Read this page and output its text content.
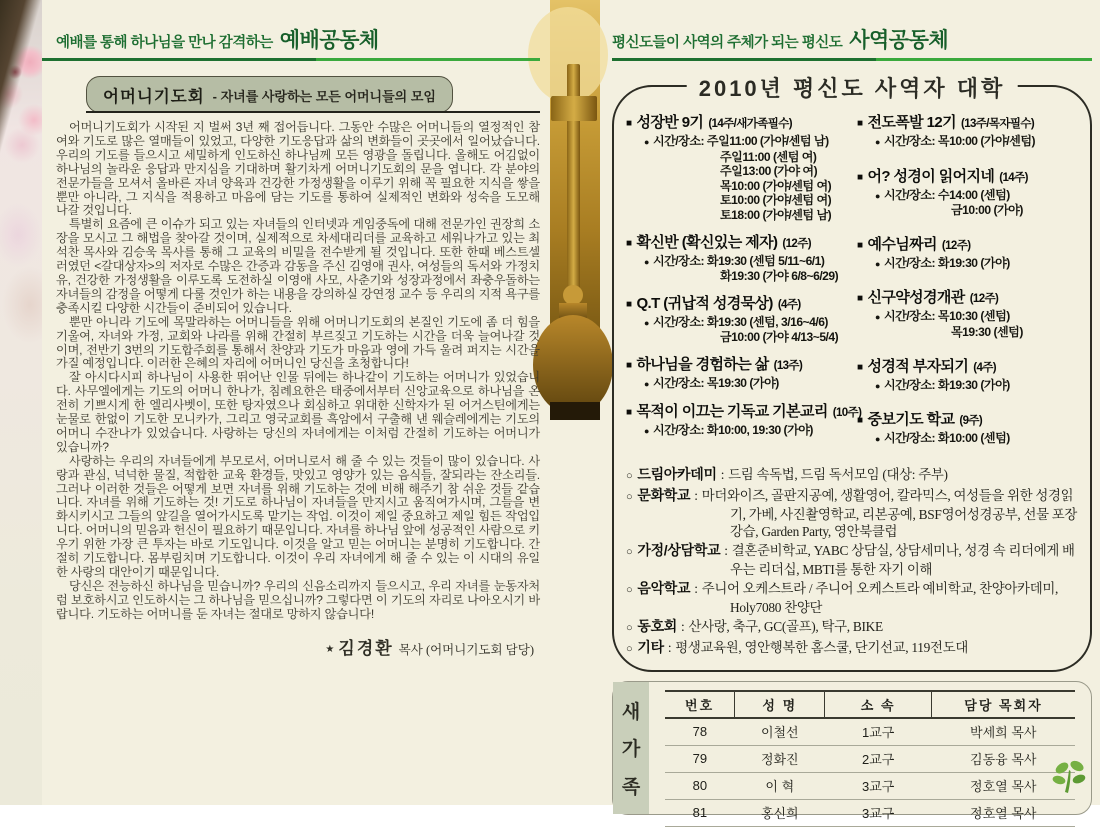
예배를 통해 하나님을 만나 감격하는 예배공동체
어머니기도회 - 자녀를 사랑하는 모든 어머니들의 모임

어머니기도회가 시작된 지 벌써 3년 째 접어듭니다. 그동안 수많은 어머니들의 열정적인 참여와 기도로 많은 열매들이 있었고, 다양한 기도응답과 삶의 변화들이 곳곳에서 일어났습니다. 우리의 기도를 들으시고 세밀하게 인도하신 하나님께 모든 영광을 돌립니다. 올해도 어김없이 하나님의 놀라운 응답과 만지심을 기대하며 활기차게 어머니기도회의 문을 엽니다. 각 분야의 전문가들을 모셔서 올바른 자녀 양육과 건강한 가정생활을 이루기 위해 꼭 필요한 지식을 쌓을 뿐만 아니라, 그 지식을 적용하고 마음에 담는 기도를 통하여 실제적인 변화와 성숙을 도모해 나갈 것입니다.

특별히 요즘에 큰 이슈가 되고 있는 자녀들의 인터넷과 게임중독에 대해 전문가인 권장희 소장을 모시고 그 해법을 찾아갈 것이며, 실제적으로 차세대리더를 교육하고 세워나가고 있는 최석찬 목사와 김승욱 목사를 통해 그 교육의 비밀을 전수받게 될 것입니다. 또한 한때 베스트셀러였던 <갈대상자>의 저자로 수많은 간증과 감동을 주신 김영애 권사, 여성들의 독서와 가정치유, 건강한 가정생활을 이루도록 도전하실 이영애 사모, 사춘기와 성장과정에서 좌충우돌하는 자녀들의 감정을 어떻게 다룰 것인가 하는 내용을 강의하실 강연정 교수 등 우리의 지적 욕구를 충족시킬 다양한 시간들이 준비되어 있습니다.

뿐만 아니라 기도에 목말라하는 어머니들을 위해 어머니기도회의 본질인 기도에 좀 더 힘을 기울여, 자녀와 가정, 교회와 나라를 위해 간절히 부르짖고 기도하는 시간을 더욱 늘여나갈 것이며, 전반기 3번의 기도합주회를 통해서 찬양과 기도가 마음과 영에 가득 울려 퍼지는 시간을 가질 예정입니다. 이러한 은혜의 자리에 어머니인 당신을 초청합니다!

잘 아시다시피 하나님이 사용한 뛰어난 인물 뒤에는 하나같이 기도하는 어머니가 있었습니다. 사무엘에게는 기도의 어머니 한나가, 침례요한은 태중에서부터 신앙교육으로 하나님을 온전히 기쁘시게 한 엘리사벳이, 또한 탕자였으나 회심하고 위대한 신학자가 된 어거스틴에게는 눈물로 한없이 기도한 모니카가, 그리고 영국교회를 흑암에서 구출해 낸 웨슬레에게는 기도의 어머니 수잔나가 있었습니다. 사랑하는 당신의 자녀에게는 이처럼 간절히 기도하는 어머니가 있습니까?

사랑하는 우리의 자녀들에게 부모로서, 어머니로서 해 줄 수 있는 것들이 많이 있습니다. 사랑과 관심, 넉넉한 물질, 적합한 교육 환경들, 맛있고 영양가 있는 음식들, 잘되라는 잔소리들. 그러나 이러한 것들은 어떻게 보면 자녀를 위해 기도하는 것에 비해 해주기 참 쉬운 것들 같습니다. 자녀를 위해 기도하는 것! 기도로 하나님이 자녀들을 만지시고 움직여가시며, 그들을 변화시키시고 그들의 앞길을 열어가시도록 맡기는 작업. 이것이 제일 중요하고 제일 힘든 작업입니다. 어머니의 믿음과 헌신이 필요하기 때문입니다. 자녀를 하나님 앞에 성공적인 사람으로 키우기 위한 가장 큰 투자는 바로 기도입니다. 이것을 알고 믿는 어머니는 분명히 기도합니다. 간절히 기도합니다. 몸부림치며 기도합니다. 이것이 우리 자녀에게 해 줄 수 있는 이 시대의 유일한 사랑의 대안이기 때문입니다.

당신은 전능하신 하나님을 믿습니까? 우리의 신음소리까지 들으시고, 우리 자녀를 눈동자처럼 보호하시고 인도하시는 그 하나님을 믿으십니까? 그렇다면 이 기도의 자리로 나아오시기 바랍니다. 기도하는 어머니를 둔 자녀는 절대로 망하지 않습니다!

★ 김경환 목사 (어머니기도회 담당)
평신도들이 사역의 주체가 되는 평신도 사역공동체
2010년 평신도 사역자 대학
■ 성장반 9기 (14주/새가족필수)
● 시간/장소: 주일11:00 (가야/센텀 남)
주일11:00 (센텀 여)
주일13:00 (가야 여)
목10:00 (가야/센텀 여)
토10:00 (가야/센텀 여)
토18:00 (가야/센텀 남)
■ 확신반 (확신있는 제자) (12주)
● 시간/장소: 화19:30 (센텀 5/11~6/1)
화19:30 (가야 6/8~6/29)
■ Q.T (귀납적 성경묵상) (4주)
● 시간/장소: 화19:30 (센텀, 3/16~4/6)
금10:00 (가야 4/13~5/4)
■ 하나님을 경험하는 삶 (13주)
● 시간/장소: 목19:30 (가야)
■ 목적이 이끄는 기독교 기본교리 (10주)
● 시간/장소: 화10:00, 19:30 (가야)
■ 전도폭발 12기 (13주/목자필수)
● 시간/장소: 목10:00 (가야/센텀)
■ 어? 성경이 읽어지네 (14주)
● 시간/장소: 수14:00 (센텀)
금10:00 (가야)
■ 예수님짜리 (12주)
● 시간/장소: 화19:30 (가야)
■ 신구약성경개관 (12주)
● 시간/장소: 목10:30 (센텀)
목19:30 (센텀)
■ 성경적 부자되기 (4주)
● 시간/장소: 화19:30 (가야)
■ 중보기도 학교 (9주)
● 시간/장소: 화10:00 (센텀)
○ 드림아카데미 : 드림 속독법, 드림 독서모임 (대상: 주부)
○ 문화학교 : 마더와이즈, 골판지공예, 생활영어, 칼라믹스, 여성들을 위한 성경읽기, 가베, 사진촬영학교, 리본공예, BSF영어성경공부, 선물 포장 강습, Garden Party, 영안북클럽
○ 가정/상담학교 : 결혼준비학교, YABC 상담실, 상담세미나, 성경 속 리더에게 배우는 리더십, MBTI를 통한 자기 이해
○ 음악학교 : 주니어 오케스트라 / 주니어 오케스트라 예비학교, 찬양아카데미, Holy7080 찬양단
○ 동호회 : 산사랑, 축구, GC(골프), 탁구, BIKE
○ 기타 : 평생교육원, 영안행복한 홈스쿨, 단기선교, 119전도대
새
가
족
번호	성 명	소 속	담당 목회자
78	이철선	1교구	박세희 목사
79	정화진	2교구	김동융 목사
80	이 혁	3교구	정호열 목사
81	홍신희	3교구	정호열 목사
